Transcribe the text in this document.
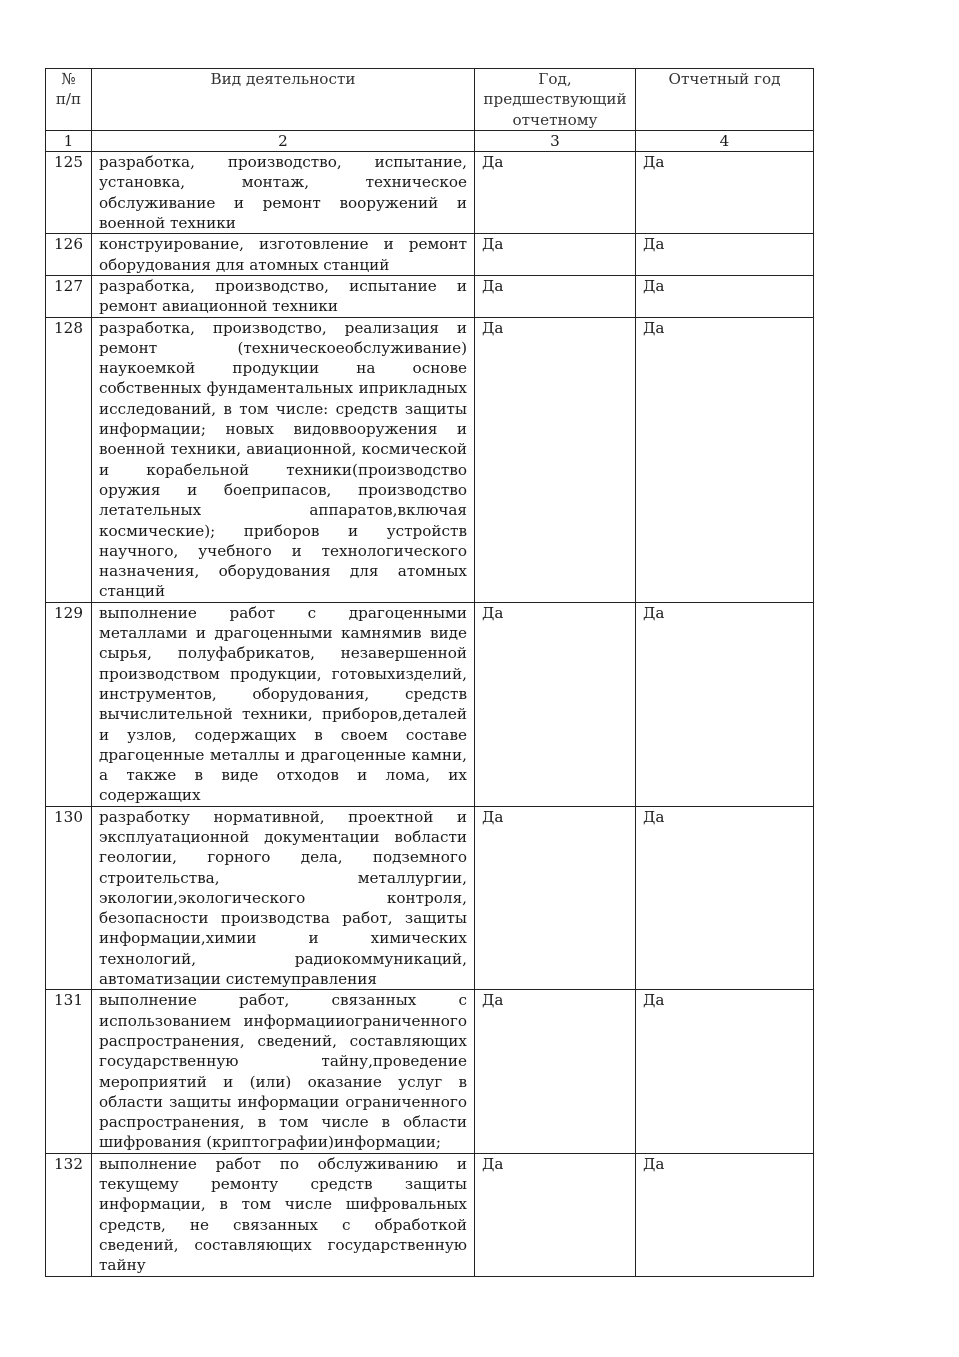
№ п/п	Вид деятельности	Год, предшествующий отчетному	Отчетный год
1	2	3	4
125	разработка, производство, испытание, установка, монтаж, техническое обслуживание и ремонт вооружений и военной техники	Да	Да
126	конструирование, изготовление и ремонт оборудования для атомных станций	Да	Да
127	разработка, производство, испытание и ремонт авиационной техники	Да	Да
128	разработка, производство, реализация и ремонт (техническоеобслуживание) наукоемкой продукции на основе собственных фундаментальных иприкладных исследований, в том числе: средств защиты информации; новых видоввооружения и военной техники, авиационной, космической и корабельной техники(производство оружия и боеприпасов, производство летательных аппаратов,включая космические); приборов и устройств научного, учебного и технологического назначения, оборудования для атомных станций	Да	Да
129	выполнение работ с драгоценными металлами и драгоценными камнямив виде сырья, полуфабрикатов, незавершенной производством продукции, готовыхизделий, инструментов, оборудования, средств вычислительной техники, приборов,деталей и узлов, содержащих в своем составе драгоценные металлы и драгоценные камни, а также в виде отходов и лома, их содержащих	Да	Да
130	разработку нормативной, проектной и эксплуатационной документации вобласти геологии, горного дела, подземного строительства, металлургии, экологии,экологического контроля, безопасности производства работ, защиты информации,химии и химических технологий, радиокоммуникаций, автоматизации системуправления	Да	Да
131	выполнение работ, связанных с использованием информацииограниченного распространения, сведений, составляющих государственную тайну,проведение мероприятий и (или) оказание услуг в области защиты информации ограниченного распространения, в том числе в области шифрования (криптографии)информации;	Да	Да
132	выполнение работ по обслуживанию и текущему ремонту средств защиты информации, в том числе шифровальных средств, не связанных с обработкой сведений, составляющих государственную тайну	Да	Да
